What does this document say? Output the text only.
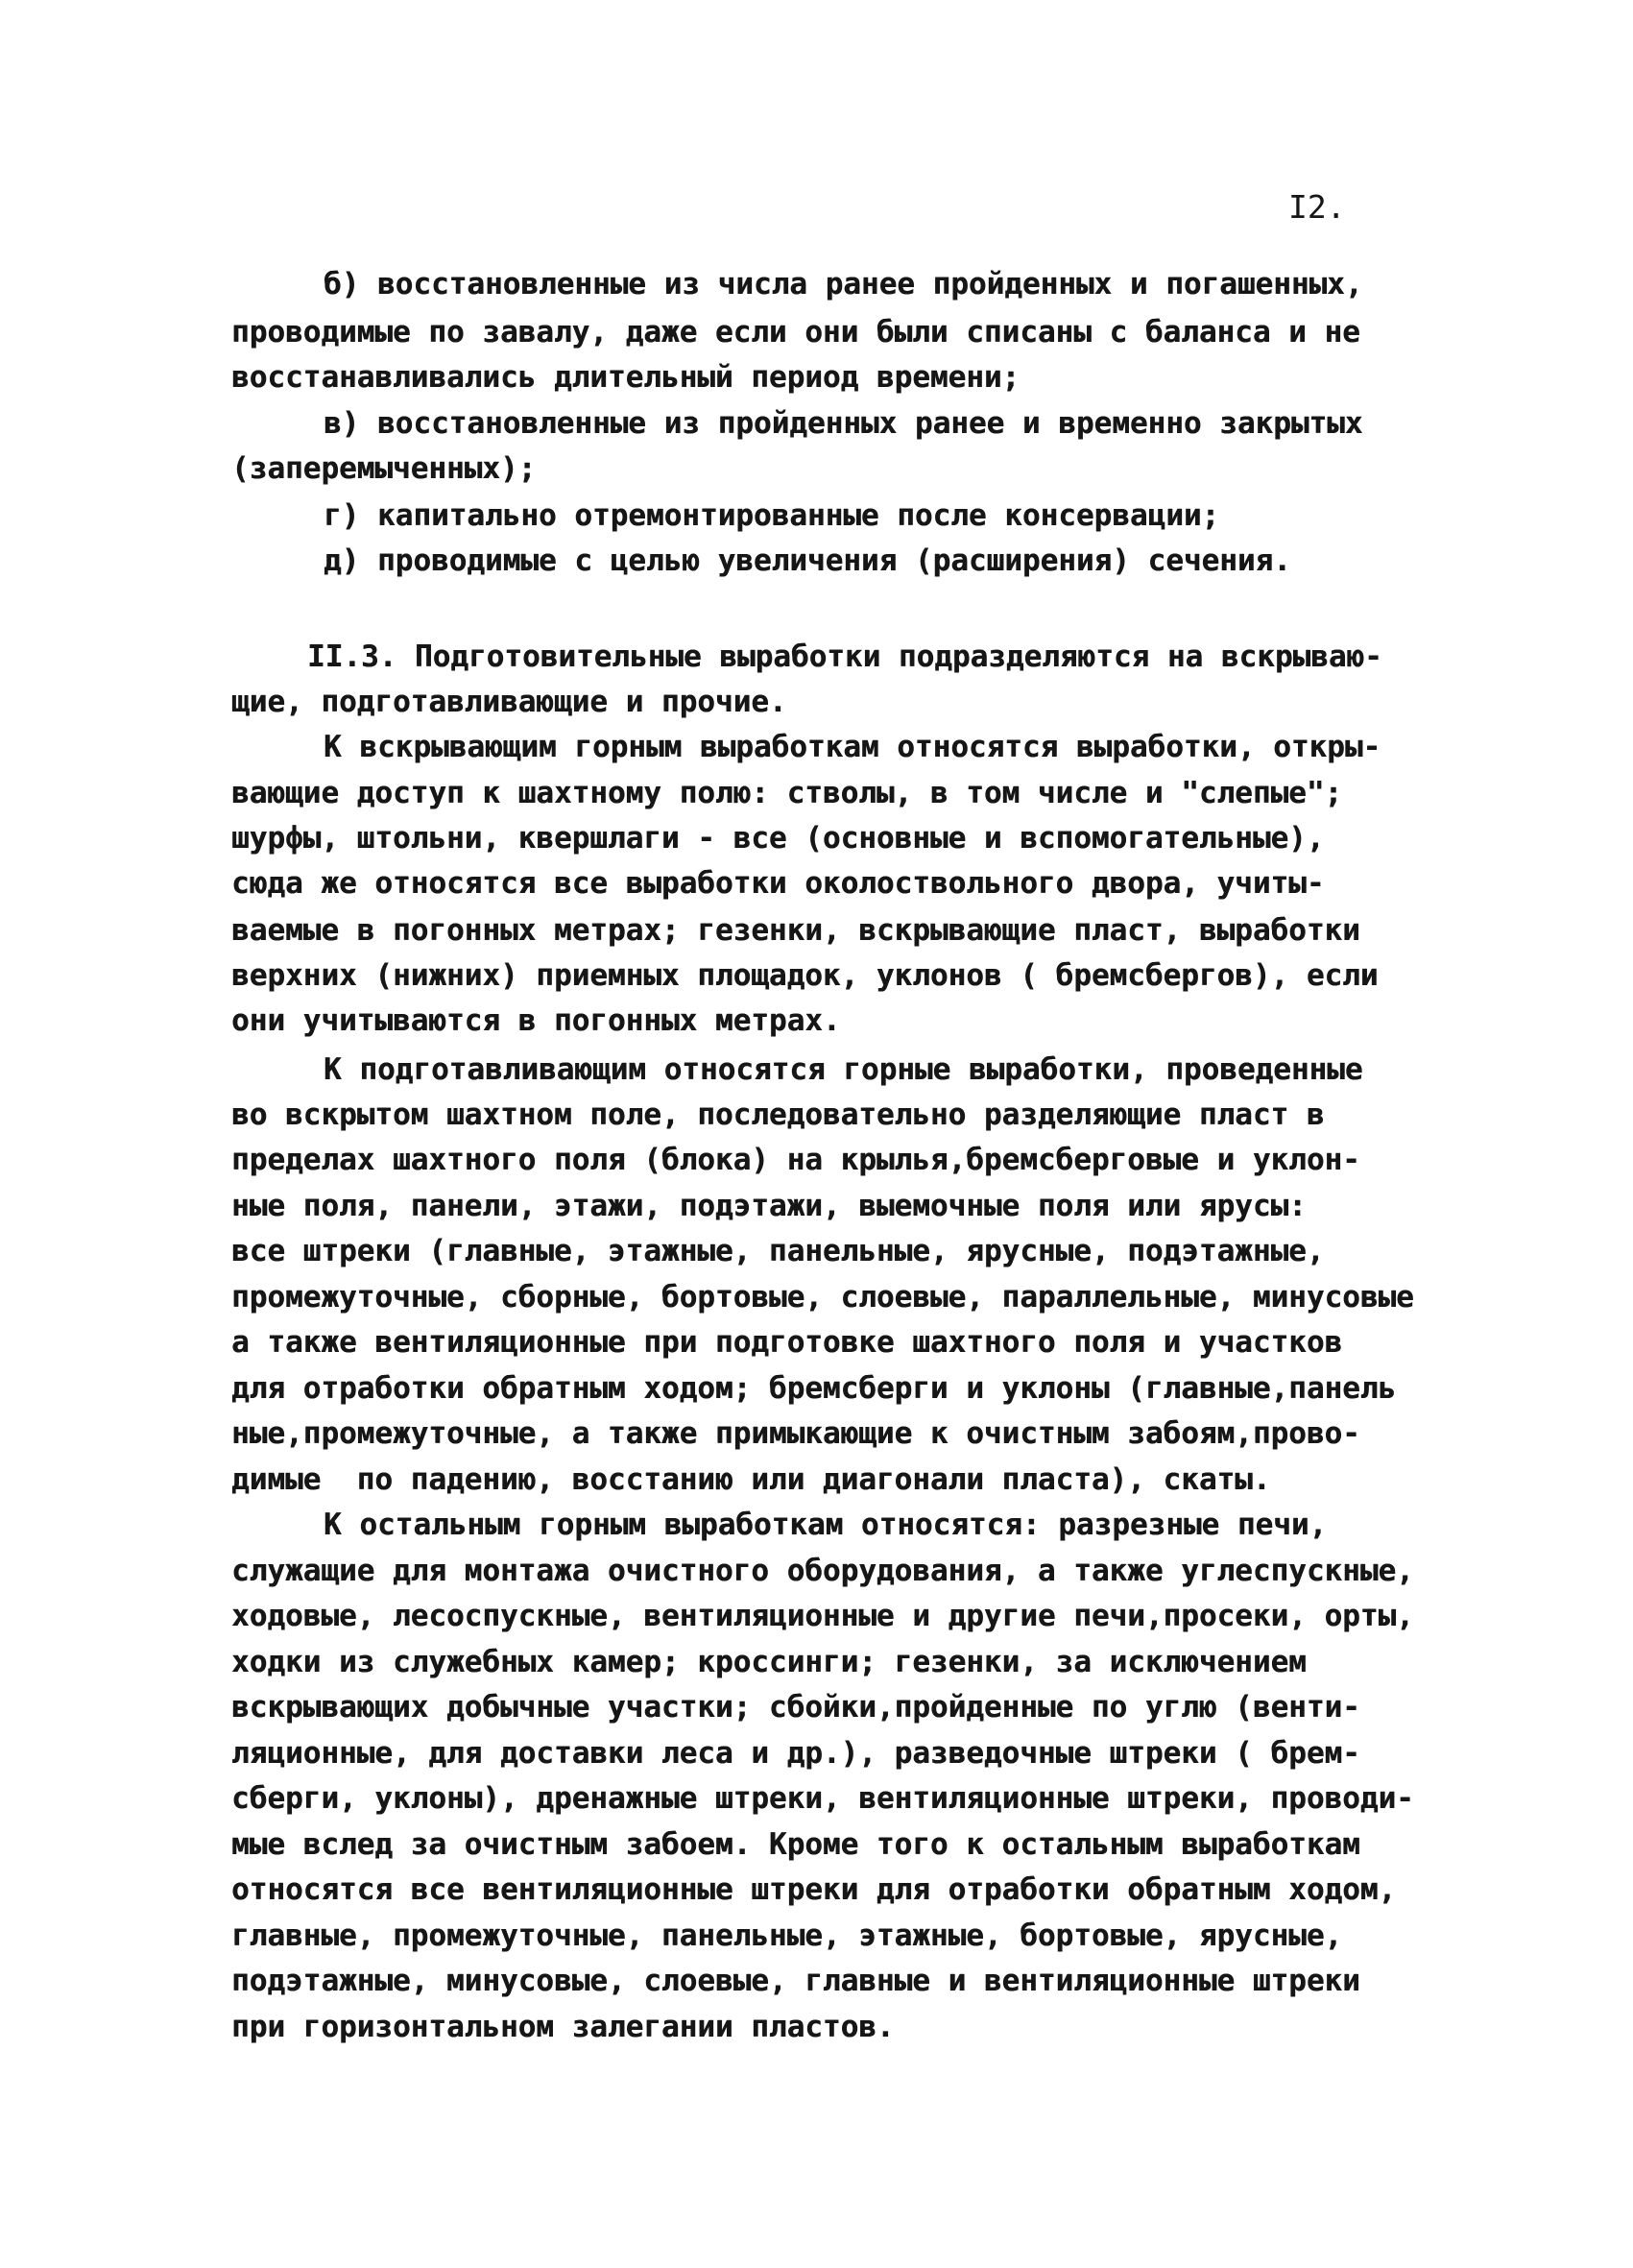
I2.
б) восстановленные из числа ранее пройденных и погашенных,
проводимые по завалу, даже если они были списаны с баланса и не
восстанавливались длительный период времени;
в) восстановленные из пройденных ранее и временно закрытых
(заперемыченных);
г) капитально отремонтированные после консервации;
д) проводимые с целью увеличения (расширения) сечения.
II.3. Подготовительные выработки подразделяются на вскрываю-
щие, подготавливающие и прочие.
К вскрывающим горным выработкам относятся выработки, откры-
вающие доступ к шахтному полю: стволы, в том числе и "слепые";
шурфы, штольни, квершлаги - все (основные и вспомогательные),
сюда же относятся все выработки околоствольного двора, учиты-
ваемые в погонных метрах; гезенки, вскрывающие пласт, выработки
верхних (нижних) приемных площадок, уклонов ( бремсбергов), если
они учитываются в погонных метрах.
К подготавливающим относятся горные выработки, проведенные
во вскрытом шахтном поле, последовательно разделяющие пласт в
пределах шахтного поля (блока) на крылья,бремсберговые и уклон-
ные поля, панели, этажи, подэтажи, выемочные поля или ярусы:
все штреки (главные, этажные, панельные, ярусные, подэтажные,
промежуточные, сборные, бортовые, слоевые, параллельные, минусовые
а также вентиляционные при подготовке шахтного поля и участков
для отработки обратным ходом; бремсберги и уклоны (главные,панель
ные,промежуточные, а также примыкающие к очистным забоям,прово-
димые  по падению, восстанию или диагонали пласта), скаты.
К остальным горным выработкам относятся: разрезные печи,
служащие для монтажа очистного оборудования, а также углеспускные,
ходовые, лесоспускные, вентиляционные и другие печи,просеки, орты,
ходки из служебных камер; кроссинги; гезенки, за исключением
вскрывающих добычные участки; сбойки,пройденные по углю (венти-
ляционные, для доставки леса и др.), разведочные штреки ( брем-
сберги, уклоны), дренажные штреки, вентиляционные штреки, проводи-
мые вслед за очистным забоем. Кроме того к остальным выработкам
относятся все вентиляционные штреки для отработки обратным ходом,
главные, промежуточные, панельные, этажные, бортовые, ярусные,
подэтажные, минусовые, слоевые, главные и вентиляционные штреки
при горизонтальном залегании пластов.
